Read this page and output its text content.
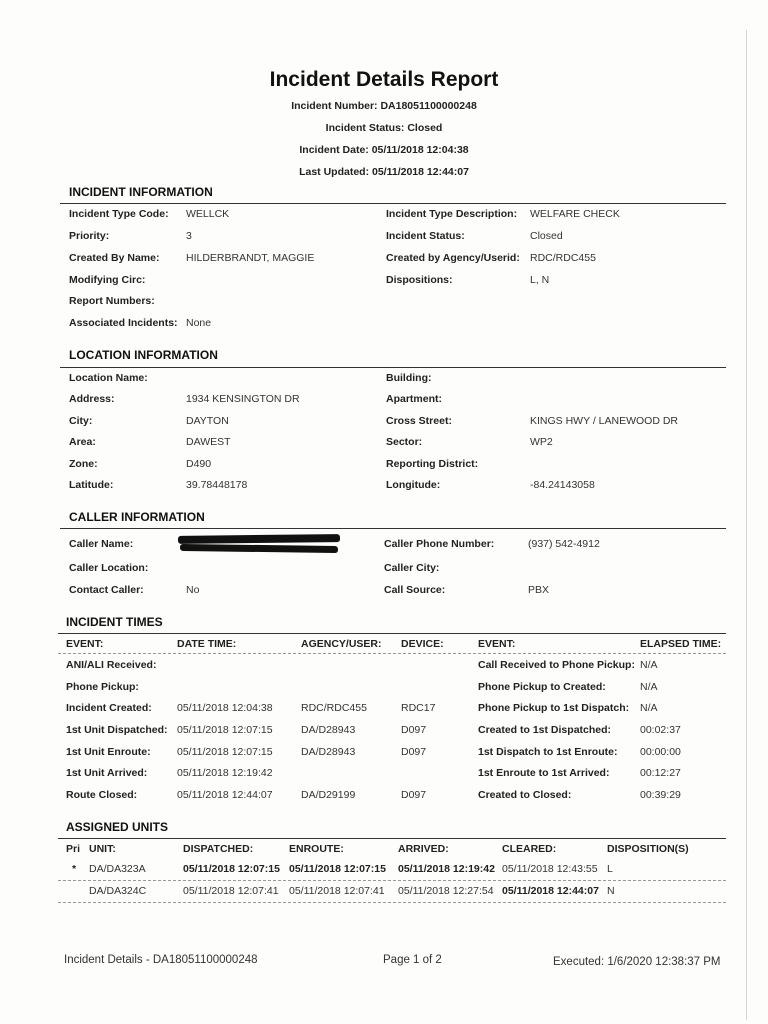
Incident Details Report
Incident Number: DA18051100000248
Incident Status: Closed
Incident Date: 05/11/2018 12:04:38
Last Updated: 05/11/2018 12:44:07
INCIDENT INFORMATION
Incident Type Code: WELLCK
Priority:	3
Created By Name:	HILDERBRANDT, MAGGIE
Modifying Circ:
Report Numbers:
Associated Incidents: None
Incident Type Description: WELFARE CHECK
Incident Status:	Closed
Created by Agency/Userid: RDC/RDC455
Dispositions:	L, N
LOCATION INFORMATION
Location Name:
Address:	1934 KENSINGTON DR
City:	DAYTON
Area:	DAWEST
Zone:	D490
Latitude:	39.78448178
Building:
Apartment:
Cross Street:	KINGS HWY / LANEWOOD DR
Sector:	WP2
Reporting District:
Longitude:	-84.24143058
CALLER INFORMATION
Caller Name:
Caller Location:
Contact Caller:	No
Caller Phone Number:	(937) 542-4912
Caller City:
Call Source:	PBX
INCIDENT TIMES
EVENT:	DATE TIME:	AGENCY/USER: DEVICE:	EVENT:	ELAPSED TIME:
ANI/ALI Received:	Call Received to Phone Pickup: N/A
Phone Pickup:	Phone Pickup to Created:	N/A
Incident Created: 05/11/2018 12:04:38	RDC/RDC455	RDC17	Phone Pickup to 1st Dispatch: N/A
1st Unit Dispatched: 05/11/2018 12:07:15	DA/D28943	D097	Created to 1st Dispatched:	00:02:37
1st Unit Enroute:	05/11/2018 12:07:15	DA/D28943	D097	1st Dispatch to 1st Enroute: 00:00:00
1st Unit Arrived:	05/11/2018 12:19:42	1st Enroute to 1st Arrived:	00:12:27
Route Closed:	05/11/2018 12:44:07	DA/D29199	D097	Created to Closed:	00:39:29
ASSIGNED UNITS
Pri UNIT:	DISPATCHED:	ENROUTE:	ARRIVED:	CLEARED:	DISPOSITION(S)
* DA/DA323A	05/11/2018 12:07:15 05/11/2018 12:07:15 05/11/2018 12:19:42 05/11/2018 12:43:55 L
DA/DA324C	05/11/2018 12:07:41 05/11/2018 12:07:41 05/11/2018 12:27:54 05/11/2018 12:44:07 N
Incident Details - DA18051100000248	Page 1 of 2	Executed: 1/6/2020 12:38:37 PM
